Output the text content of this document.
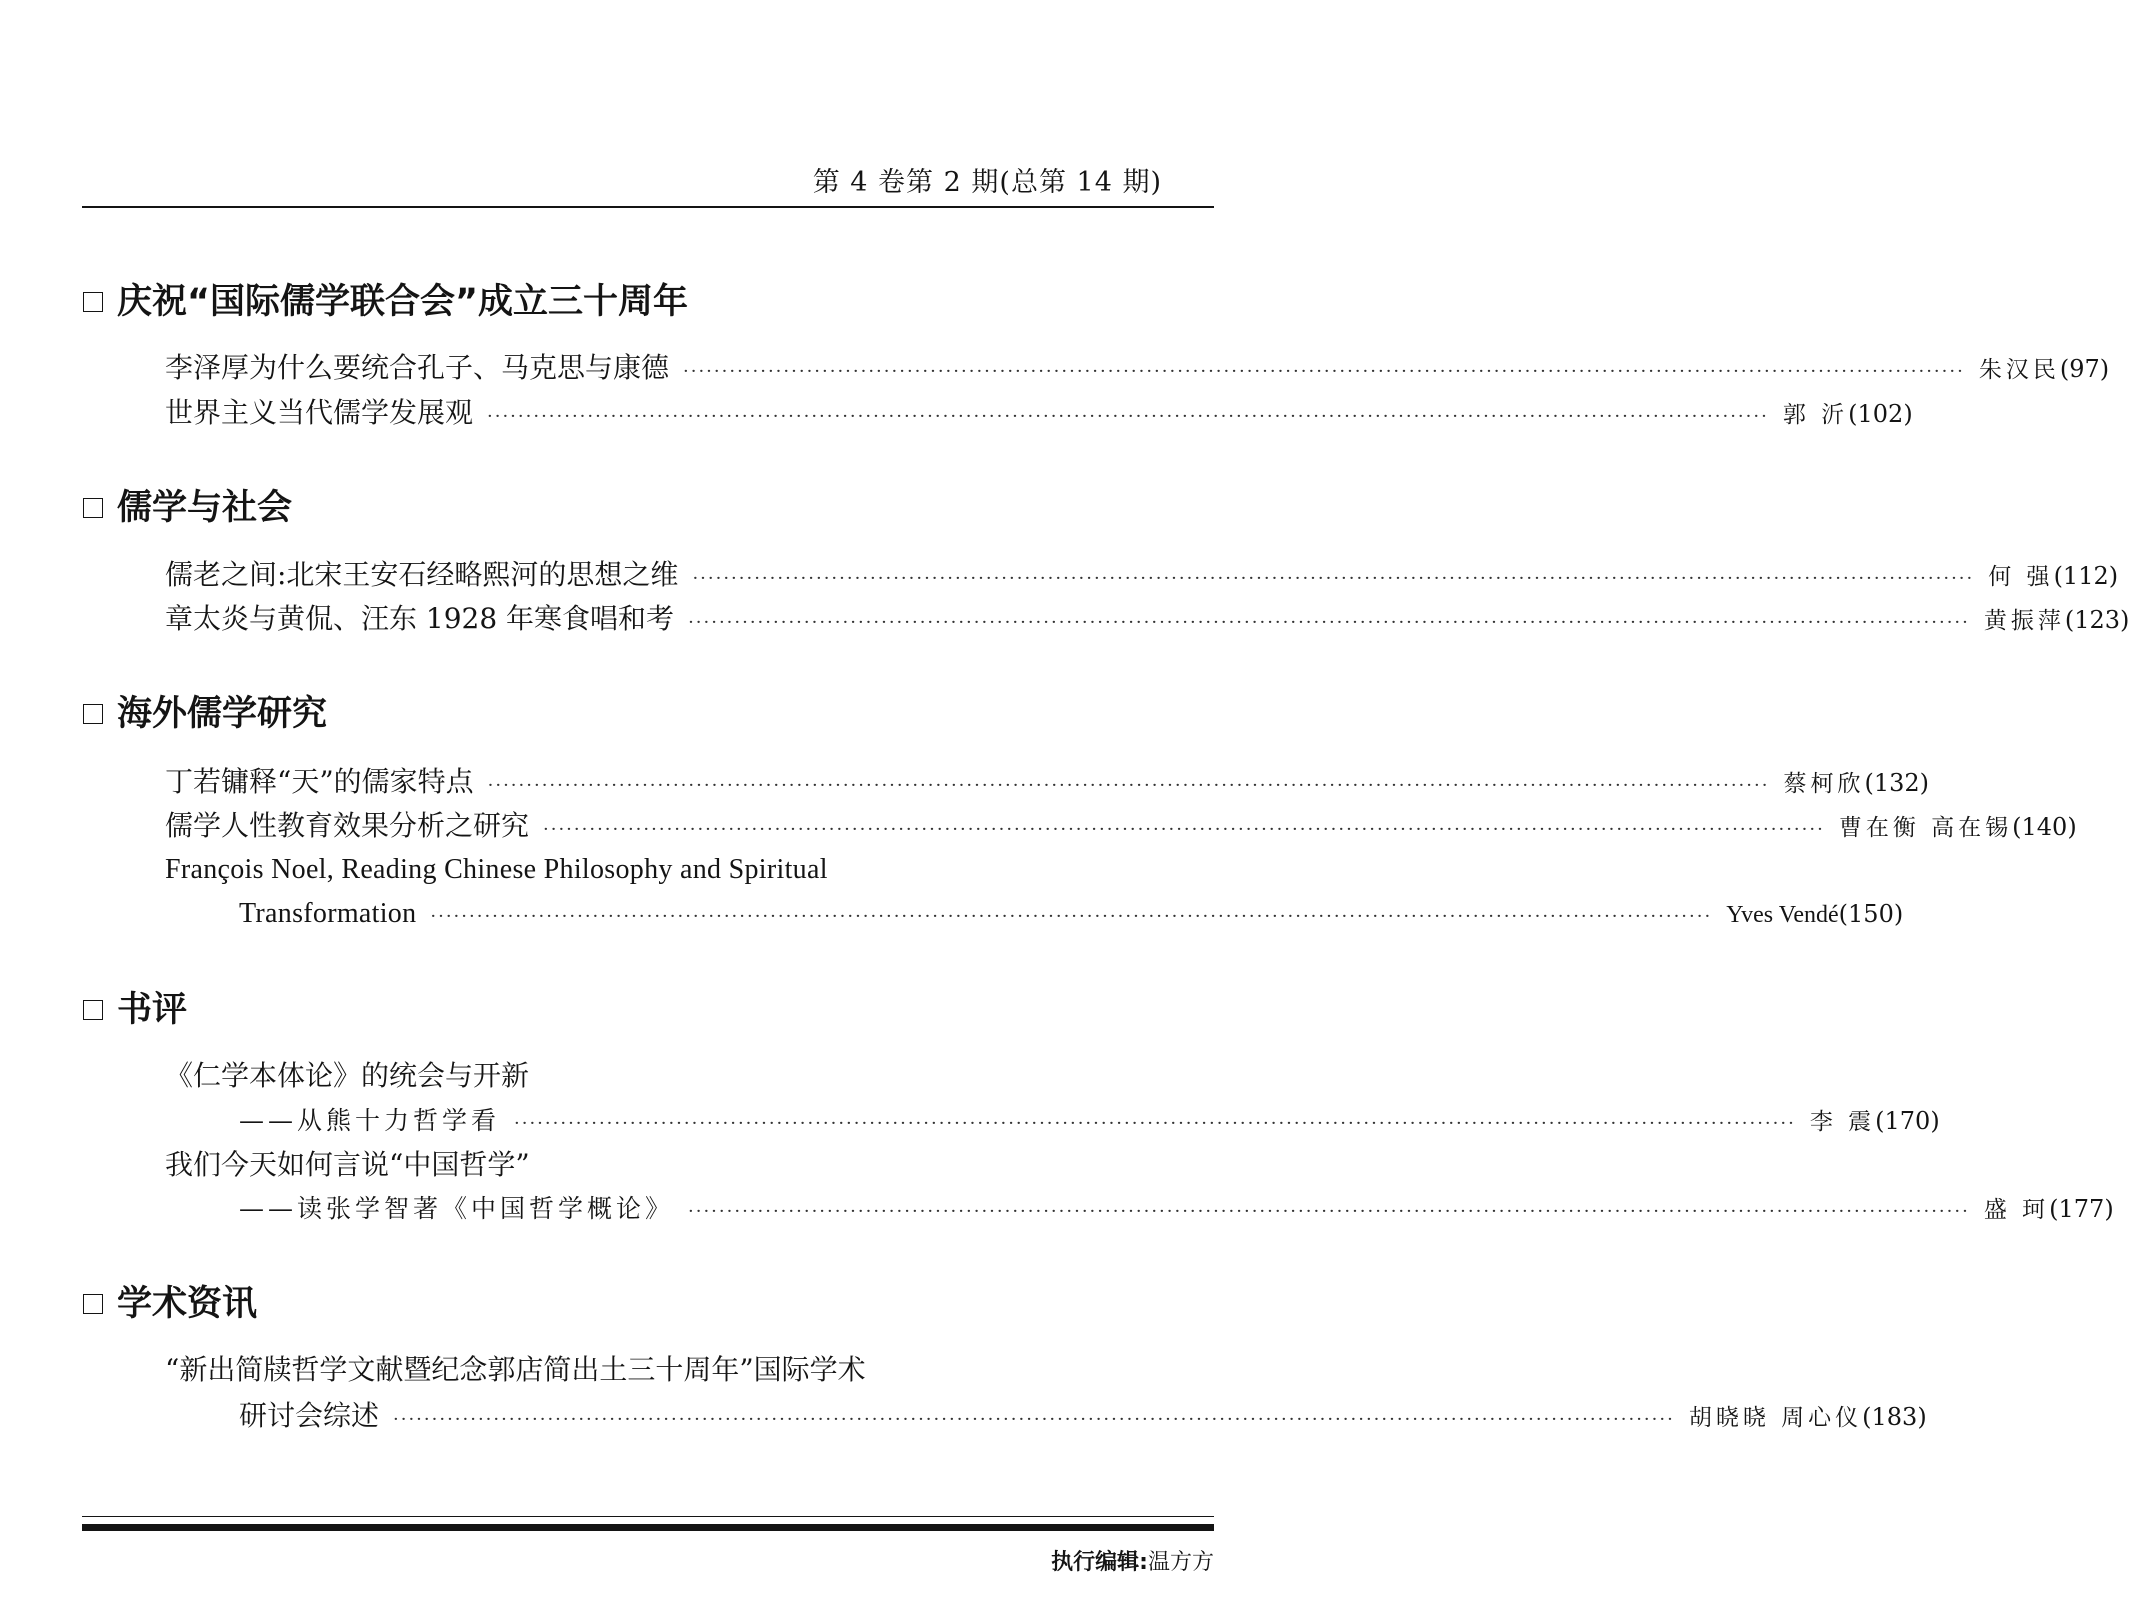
第 4 卷第 2 期(总第 14 期)
庆祝“国际儒学联合会”成立三十周年
李泽厚为什么要统合孔子、马克思与康德 ······································································································································································ 朱汉民 (97)
世界主义当代儒学发展观 ······································································································································································ 郭 沂 (102)
儒学与社会
儒老之间:北宋王安石经略熙河的思想之维 ······································································································································································ 何 强 (112)
章太炎与黄侃、汪东 1928 年寒食唱和考 ······································································································································································ 黄振萍 (123)
海外儒学研究
丁若镛释“天”的儒家特点 ······································································································································································ 蔡柯欣 (132)
儒学人性教育效果分析之研究 ······································································································································································ 曹在衡 高在锡 (140)
François Noel, Reading Chinese Philosophy and Spiritual
Transformation ······································································································································································ Yves Vendé (150)
书评
《仁学本体论》的统会与开新
——从熊十力哲学看 ······································································································································································ 李 震 (170)
我们今天如何言说“中国哲学”
——读张学智著《中国哲学概论》 ······································································································································································ 盛 珂 (177)
学术资讯
“新出简牍哲学文献暨纪念郭店简出土三十周年”国际学术
研讨会综述 ······································································································································································ 胡晓晓 周心仪 (183)
执行编辑:温方方
